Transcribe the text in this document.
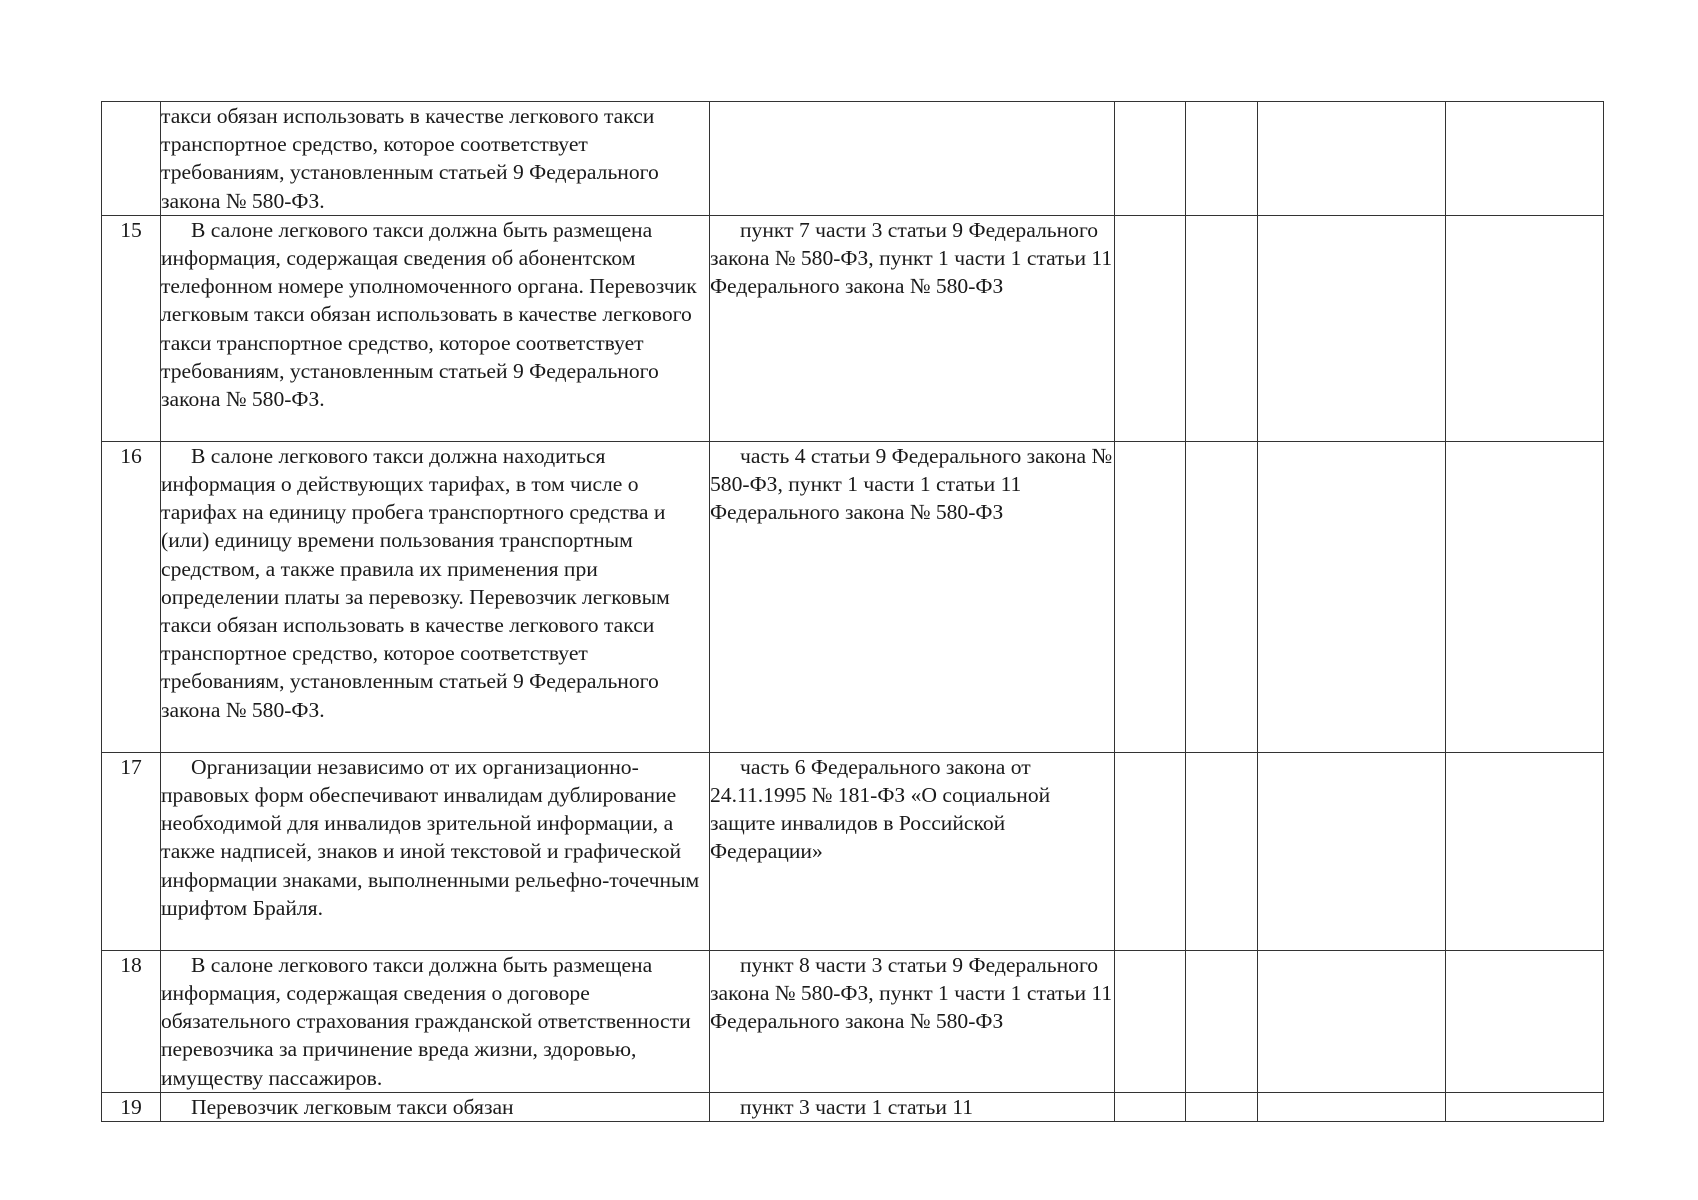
	такси обязан использовать в качестве легкового такси транспортное средство, которое соответствует требованиям, установленным статьей 9 Федерального закона № 580-ФЗ.					
15	В салоне легкового такси должна быть размещена информация, содержащая сведения об абонентском телефонном номере уполномоченного органа. Перевозчик легковым такси обязан использовать в качестве легкового такси транспортное средство, которое соответствует требованиям, установленным статьей 9 Федерального закона № 580-ФЗ.	пункт 7 части 3 статьи 9 Федерального закона № 580-ФЗ, пункт 1 части 1 статьи 11 Федерального закона № 580-ФЗ				
16	В салоне легкового такси должна находиться информация о действующих тарифах, в том числе о тарифах на единицу пробега транспортного средства и (или) единицу времени пользования транспортным средством, а также правила их применения при определении платы за перевозку. Перевозчик легковым такси обязан использовать в качестве легкового такси транспортное средство, которое соответствует требованиям, установленным статьей 9 Федерального закона № 580-ФЗ.	часть 4 статьи 9 Федерального закона № 580-ФЗ, пункт 1 части 1 статьи 11 Федерального закона № 580-ФЗ				
17	Организации независимо от их организационно-правовых форм обеспечивают инвалидам дублирование необходимой для инвалидов зрительной информации, а также надписей, знаков и иной текстовой и графической информации знаками, выполненными рельефно-точечным шрифтом Брайля.	часть 6 Федерального закона от 24.11.1995 № 181-ФЗ «О социальной защите инвалидов в Российской Федерации»				
18	В салоне легкового такси должна быть размещена информация, содержащая сведения о договоре обязательного страхования гражданской ответственности перевозчика за причинение вреда жизни, здоровью, имуществу пассажиров.	пункт 8 части 3 статьи 9 Федерального закона № 580-ФЗ, пункт 1 части 1 статьи 11 Федерального закона № 580-ФЗ				
19	Перевозчик легковым такси обязан	пункт 3 части 1 статьи 11				
